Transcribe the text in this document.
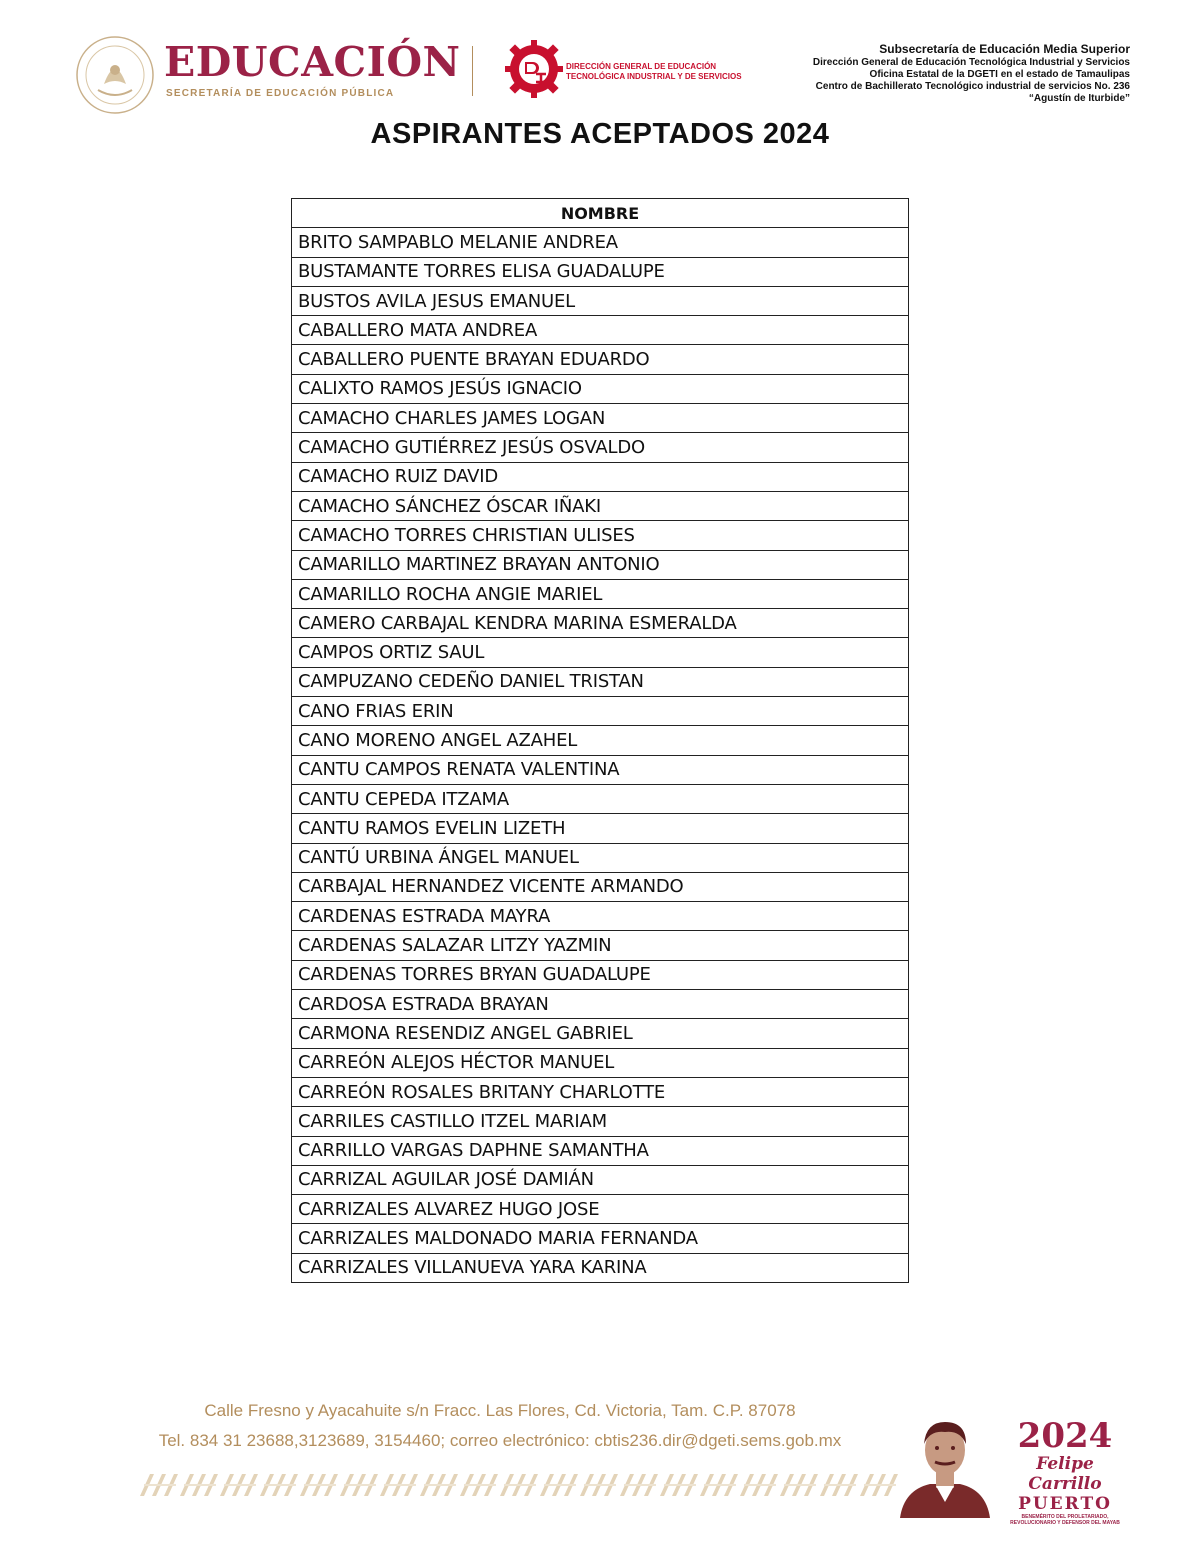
EDUCACIÓN
SECRETARÍA DE EDUCACIÓN PÚBLICA
DIRECCIÓN GENERAL DE EDUCACIÓN
TECNOLÓGICA INDUSTRIAL Y DE SERVICIOS
Subsecretaría de Educación Media Superior
Dirección General de Educación Tecnológica Industrial y Servicios
Oficina Estatal de la DGETI en el estado de Tamaulipas
Centro de Bachillerato Tecnológico industrial de servicios No. 236
“Agustín de Iturbide”
ASPIRANTES ACEPTADOS 2024
NOMBRE
BRITO SAMPABLO MELANIE ANDREA
BUSTAMANTE TORRES ELISA GUADALUPE
BUSTOS AVILA JESUS EMANUEL
CABALLERO MATA ANDREA
CABALLERO PUENTE BRAYAN EDUARDO
CALIXTO RAMOS JESÚS IGNACIO
CAMACHO CHARLES JAMES LOGAN
CAMACHO GUTIÉRREZ JESÚS OSVALDO
CAMACHO RUIZ DAVID
CAMACHO SÁNCHEZ ÓSCAR IÑAKI
CAMACHO TORRES CHRISTIAN ULISES
CAMARILLO MARTINEZ BRAYAN ANTONIO
CAMARILLO ROCHA ANGIE MARIEL
CAMERO CARBAJAL KENDRA MARINA ESMERALDA
CAMPOS ORTIZ SAUL
CAMPUZANO CEDEÑO DANIEL TRISTAN
CANO FRIAS ERIN
CANO MORENO ANGEL AZAHEL
CANTU CAMPOS RENATA VALENTINA
CANTU CEPEDA ITZAMA
CANTU RAMOS EVELIN LIZETH
CANTÚ URBINA ÁNGEL MANUEL
CARBAJAL HERNANDEZ VICENTE ARMANDO
CARDENAS ESTRADA MAYRA
CARDENAS SALAZAR LITZY YAZMIN
CARDENAS TORRES BRYAN GUADALUPE
CARDOSA ESTRADA BRAYAN
CARMONA RESENDIZ ANGEL GABRIEL
CARREÓN ALEJOS HÉCTOR MANUEL
CARREÓN ROSALES BRITANY CHARLOTTE
CARRILES CASTILLO ITZEL MARIAM
CARRILLO VARGAS DAPHNE SAMANTHA
CARRIZAL AGUILAR JOSÉ DAMIÁN
CARRIZALES ALVAREZ HUGO JOSE
CARRIZALES MALDONADO MARIA FERNANDA
CARRIZALES VILLANUEVA YARA KARINA
Calle Fresno y Ayacahuite s/n Fracc. Las Flores, Cd. Victoria, Tam. C.P. 87078
Tel. 834 31 23688,3123689, 3154460; correo electrónico: cbtis236.dir@dgeti.sems.gob.mx	2024
Felipe Carrillo
PUERTO
BENEMÉRITO DEL PROLETARIADO, REVOLUCIONARIO Y DEFENSOR DEL MAYAB
